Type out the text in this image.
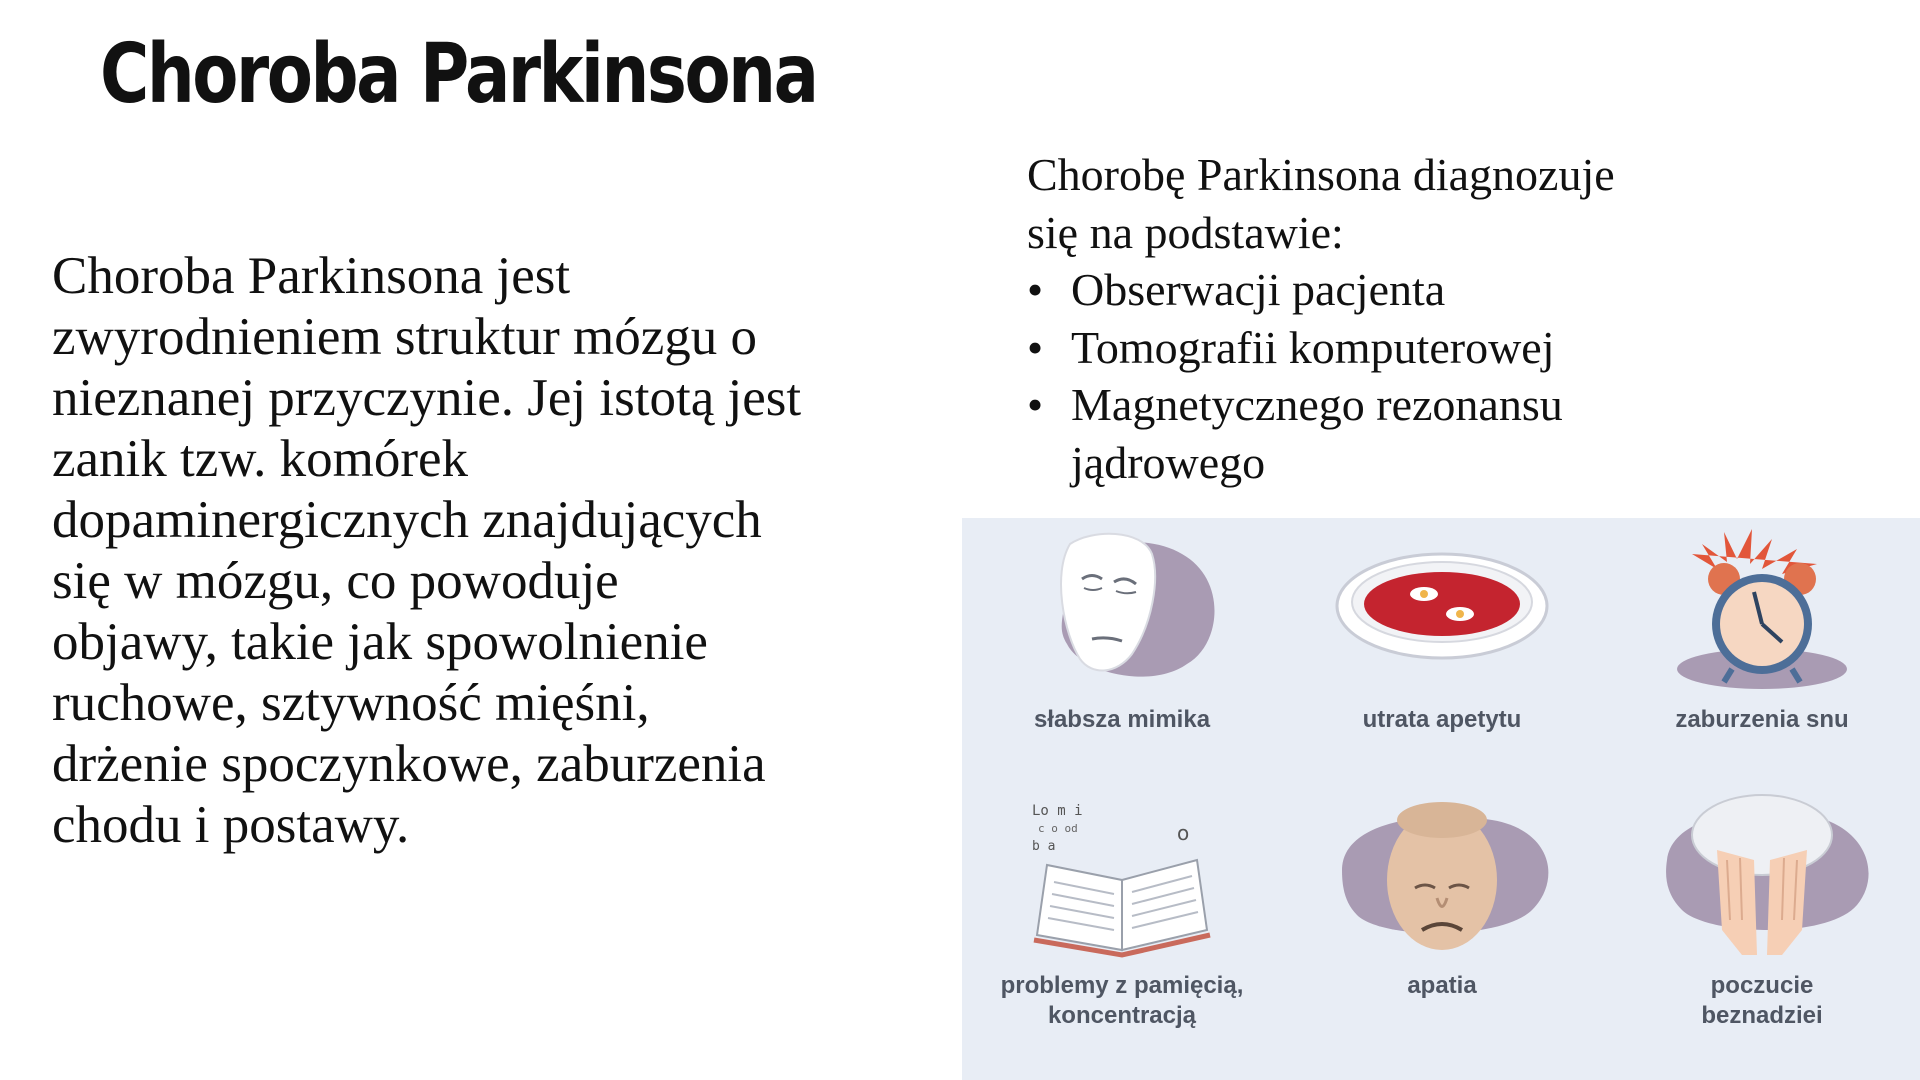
Choroba Parkinsona
Choroba Parkinsona jest
zwyrodnieniem struktur mózgu o
nieznanej przyczynie. Jej istotą jest
zanik tzw. komórek
dopaminergicznych znajdujących
się w mózgu, co powoduje
objawy, takie jak spowolnienie
ruchowe, sztywność mięśni,
drżenie spoczynkowe, zaburzenia
chodu i postawy.
Chorobę Parkinsona diagnozuje
się na podstawie:
• Obserwacji pacjenta
• Tomografii komputerowej
• Magnetycznego rezonansu
jądrowego
słabsza mimika	utrata apetytu	zaburzenia snu
Lo m i
c o od
b a
o
problemy z pamięcią,
koncentracją
apatia	poczucie
beznadziei
